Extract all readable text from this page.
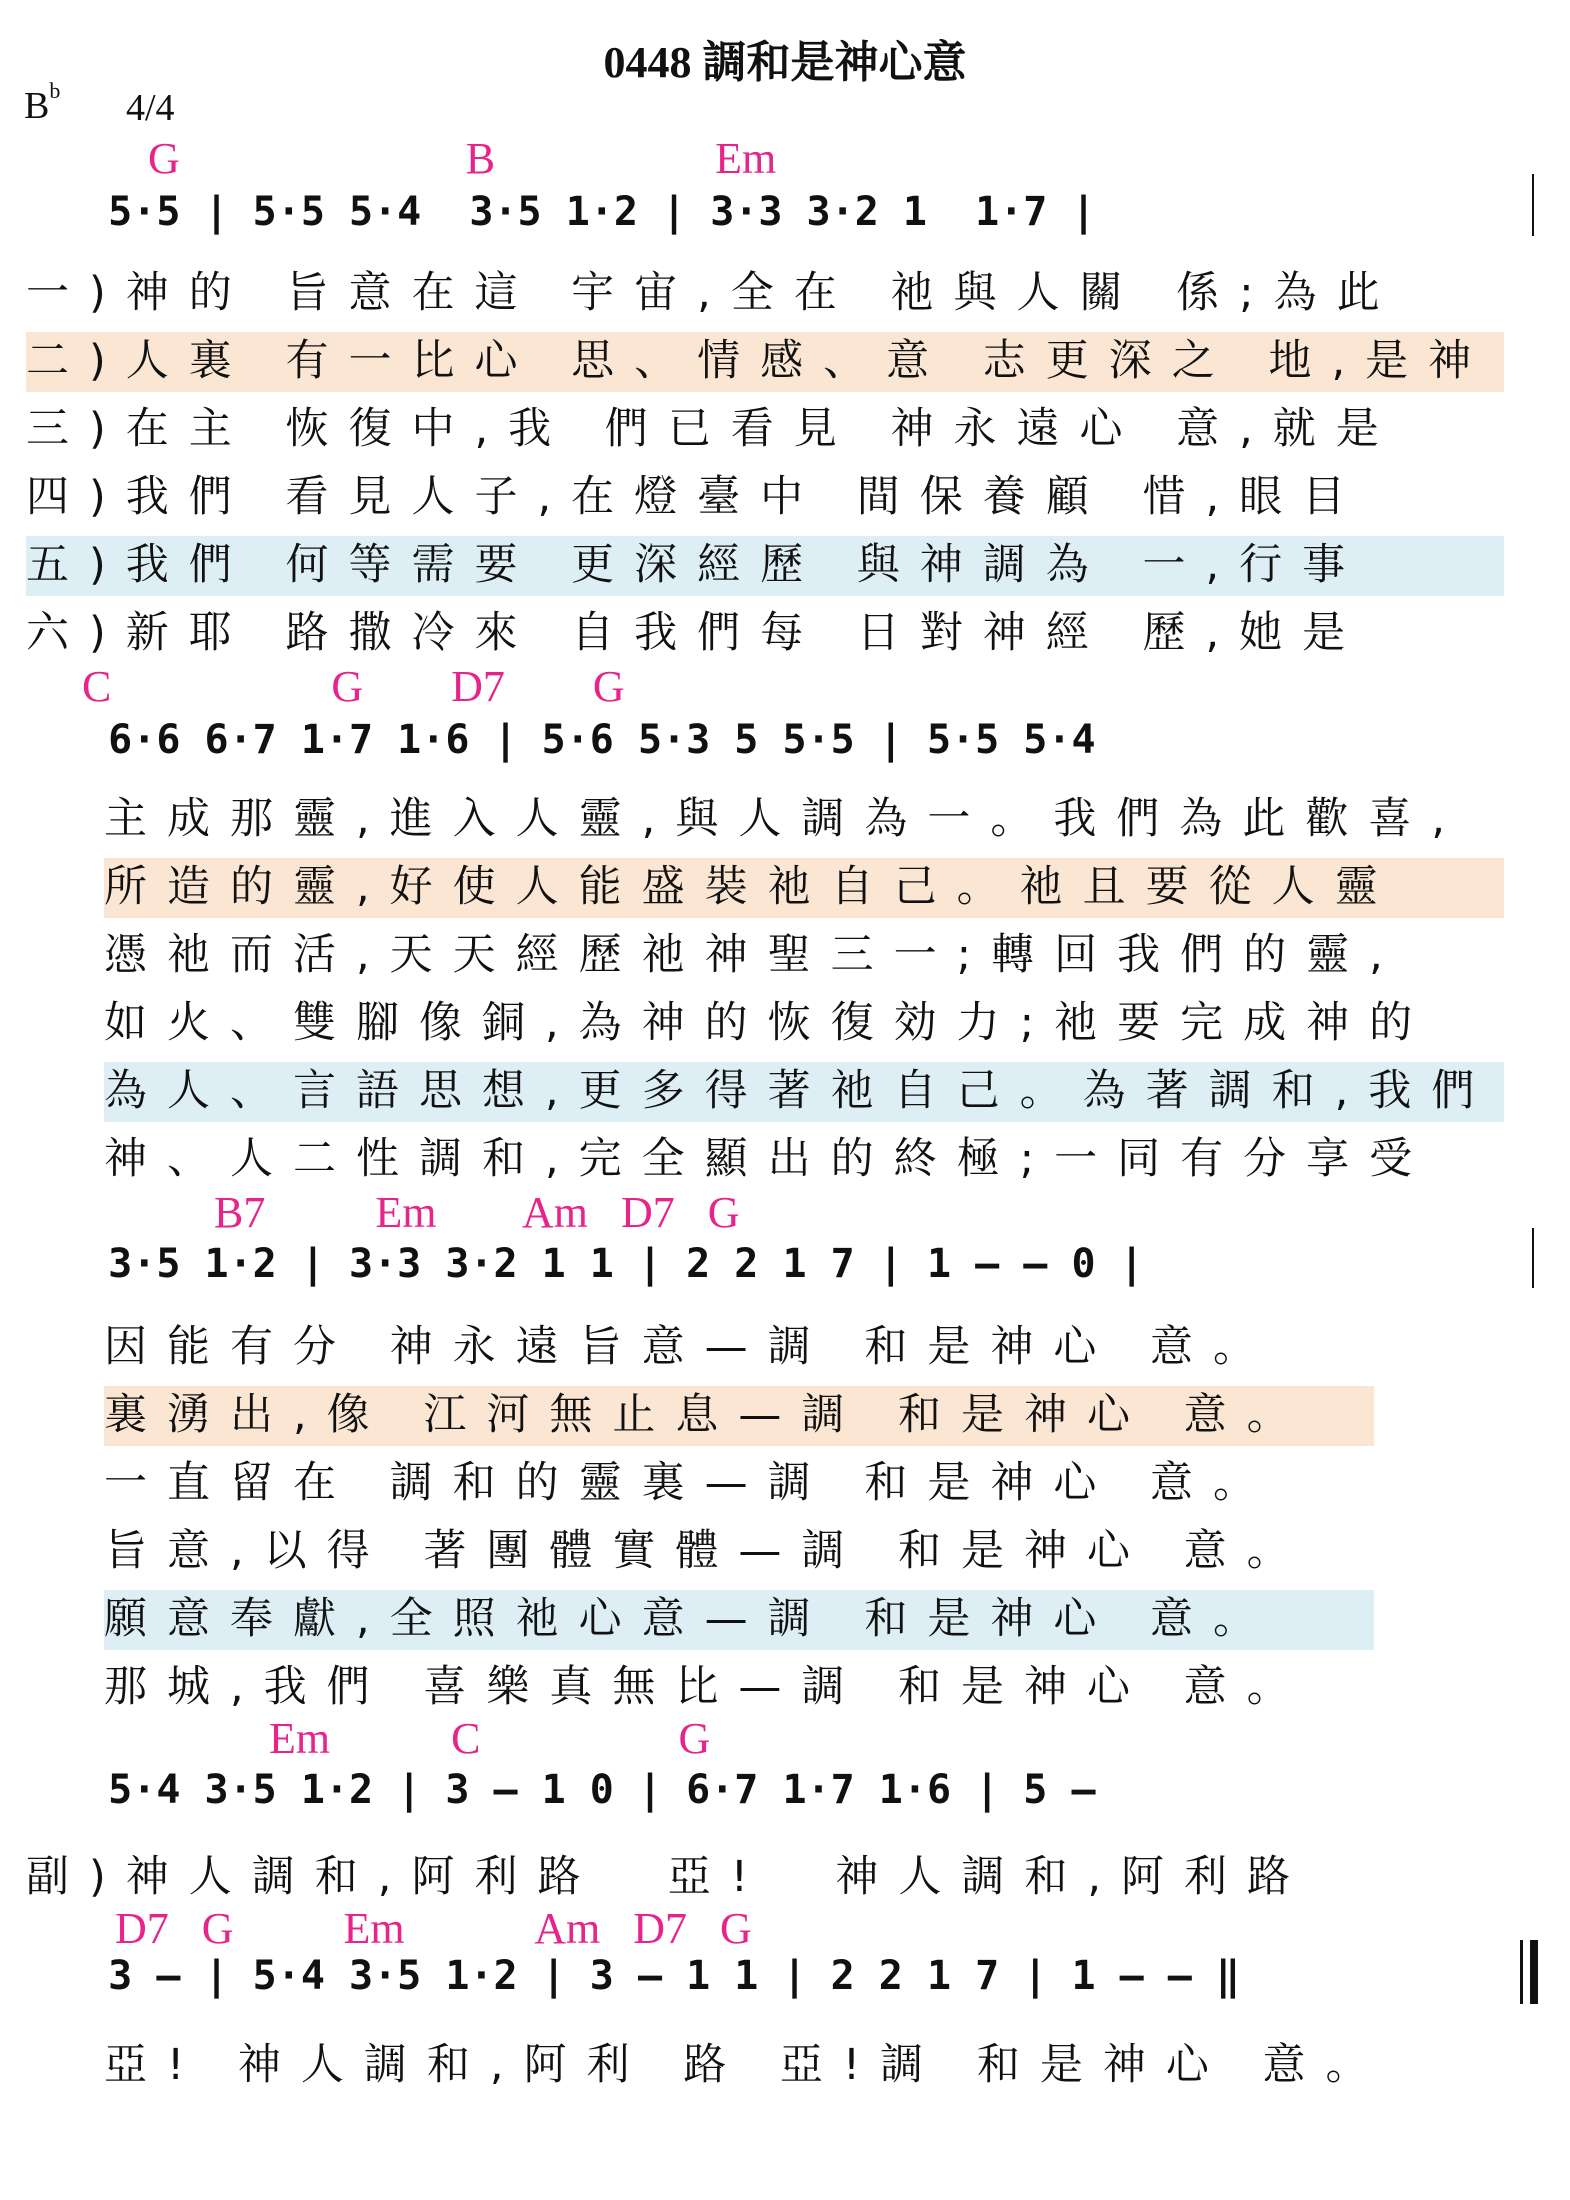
0448 調和是神心意
$B^b$ 4/4
G                          B                    Em
5·5 | 5·5 5·4  3·5 1·2 | 3·3 3·2 1  1·7 |
一)神的 旨意在這 宇宙,全在 祂與人關 係;為此
二)人裏 有一比心 思、情感、意 志更深之 地,是神
三)在主 恢復中,我 們已看見 神永遠心 意,就是
四)我們 看見人子,在燈臺中 間保養顧 惜,眼目
五)我們 何等需要 更深經歷 與神調為 一,行事
六)新耶 路撒冷來 自我們每 日對神經 歷,她是
C                    G        D7        G
6·6 6·7 1·7 1·6 | 5·6 5·3 5 5·5 | 5·5 5·4
主成那靈,進入人靈,與人調為一。我們為此歡喜,
所造的靈,好使人能盛裝祂自己。祂且要從人靈
憑祂而活,天天經歷祂神聖三一;轉回我們的靈,
如火、雙腳像銅,為神的恢復効力;祂要完成神的
為人、言語思想,更多得著祂自己。為著調和,我們
神、人二性調和,完全顯出的終極;一同有分享受
B7          Em        Am   D7   G
3·5 1·2 | 3·3 3·2 1 1 | 2 2 1 7 | 1 – – 0 |
因能有分 神永遠旨意—調 和是神心 意。
裏湧出,像 江河無止息—調 和是神心 意。
一直留在 調和的靈裏—調 和是神心 意。
旨意,以得 著團體實體—調 和是神心 意。
願意奉獻,全照祂心意—調 和是神心 意。
那城,我們 喜樂真無比—調 和是神心 意。
Em           C                  G
5·4 3·5 1·2 | 3 – 1 0 | 6·7 1·7 1·6 | 5 –
副)神人調和,阿利路  亞!  神人調和,阿利路
D7   G          Em            Am   D7   G
3 – | 5·4 3·5 1·2 | 3 – 1 1 | 2 2 1 7 | 1 – – ‖
亞! 神人調和,阿利 路 亞!調 和是神心 意。
